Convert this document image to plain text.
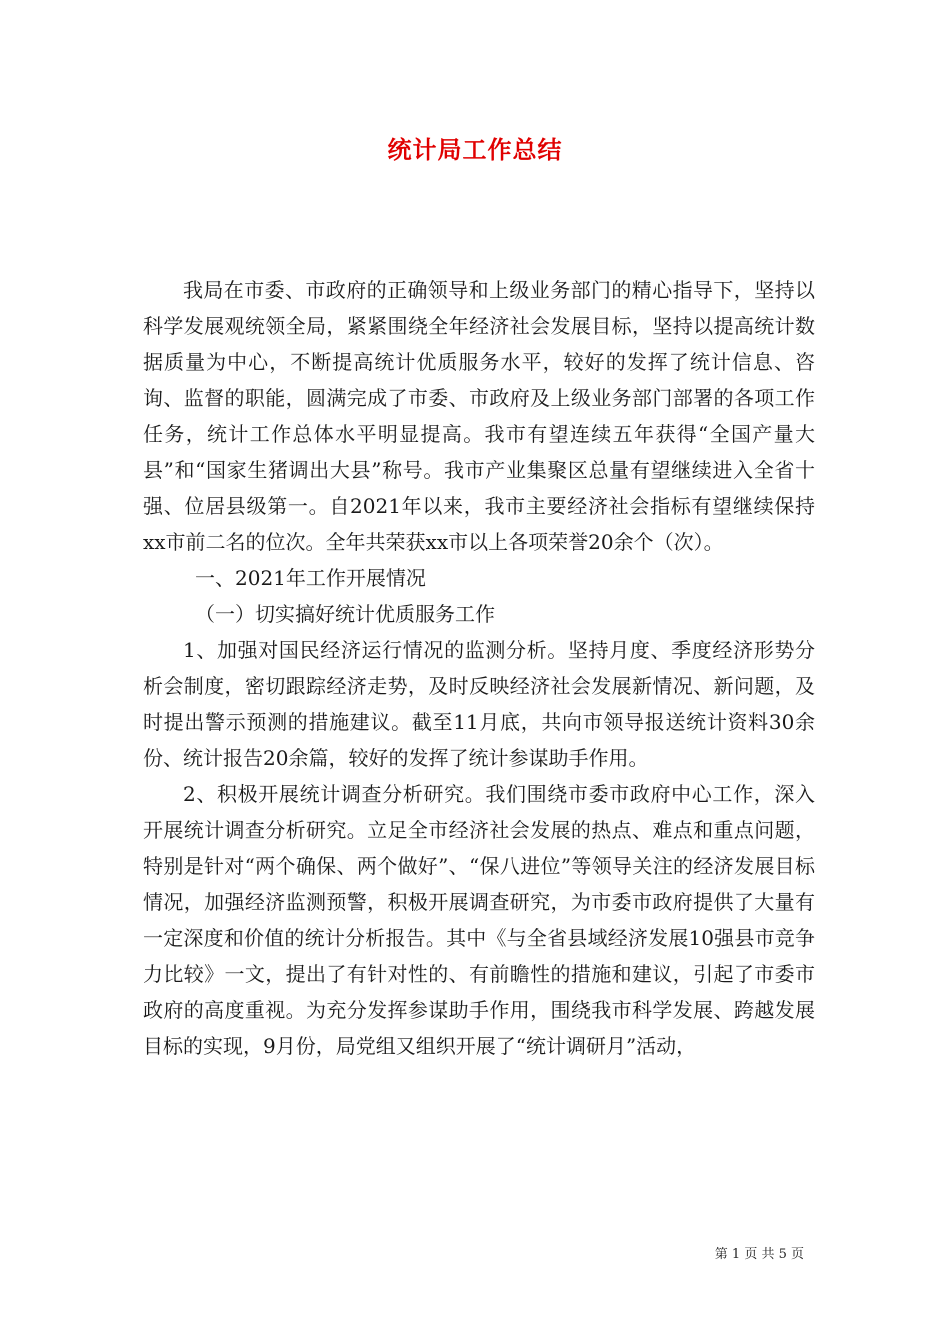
统计局工作总结

我局在市委、市政府的正确领导和上级业务部门的精心指导下，坚持以科学发展观统领全局，紧紧围绕全年经济社会发展目标，坚持以提高统计数据质量为中心，不断提高统计优质服务水平，较好的发挥了统计信息、咨询、监督的职能，圆满完成了市委、市政府及上级业务部门部署的各项工作任务，统计工作总体水平明显提高。我市有望连续五年获得“全国产量大县”和“国家生猪调出大县”称号。我市产业集聚区总量有望继续进入全省十强、位居县级第一。自2021年以来，我市主要经济社会指标有望继续保持xx市前二名的位次。全年共荣获xx市以上各项荣誉20余个（次）。

一、2021年工作开展情况

（一）切实搞好统计优质服务工作

1、加强对国民经济运行情况的监测分析。坚持月度、季度经济形势分析会制度，密切跟踪经济走势，及时反映经济社会发展新情况、新问题，及时提出警示预测的措施建议。截至11月底，共向市领导报送统计资料30余份、统计报告20余篇，较好的发挥了统计参谋助手作用。

2、积极开展统计调查分析研究。我们围绕市委市政府中心工作，深入开展统计调查分析研究。立足全市经济社会发展的热点、难点和重点问题，特别是针对“两个确保、两个做好”、“保八进位”等领导关注的经济发展目标情况，加强经济监测预警，积极开展调查研究，为市委市政府提供了大量有一定深度和价值的统计分析报告。其中《与全省县域经济发展10强县市竞争力比较》一文，提出了有针对性的、有前瞻性的措施和建议，引起了市委市政府的高度重视。为充分发挥参谋助手作用，围绕我市科学发展、跨越发展目标的实现，9月份，局党组又组织开展了“统计调研月”活动，

第 1 页 共 5 页
